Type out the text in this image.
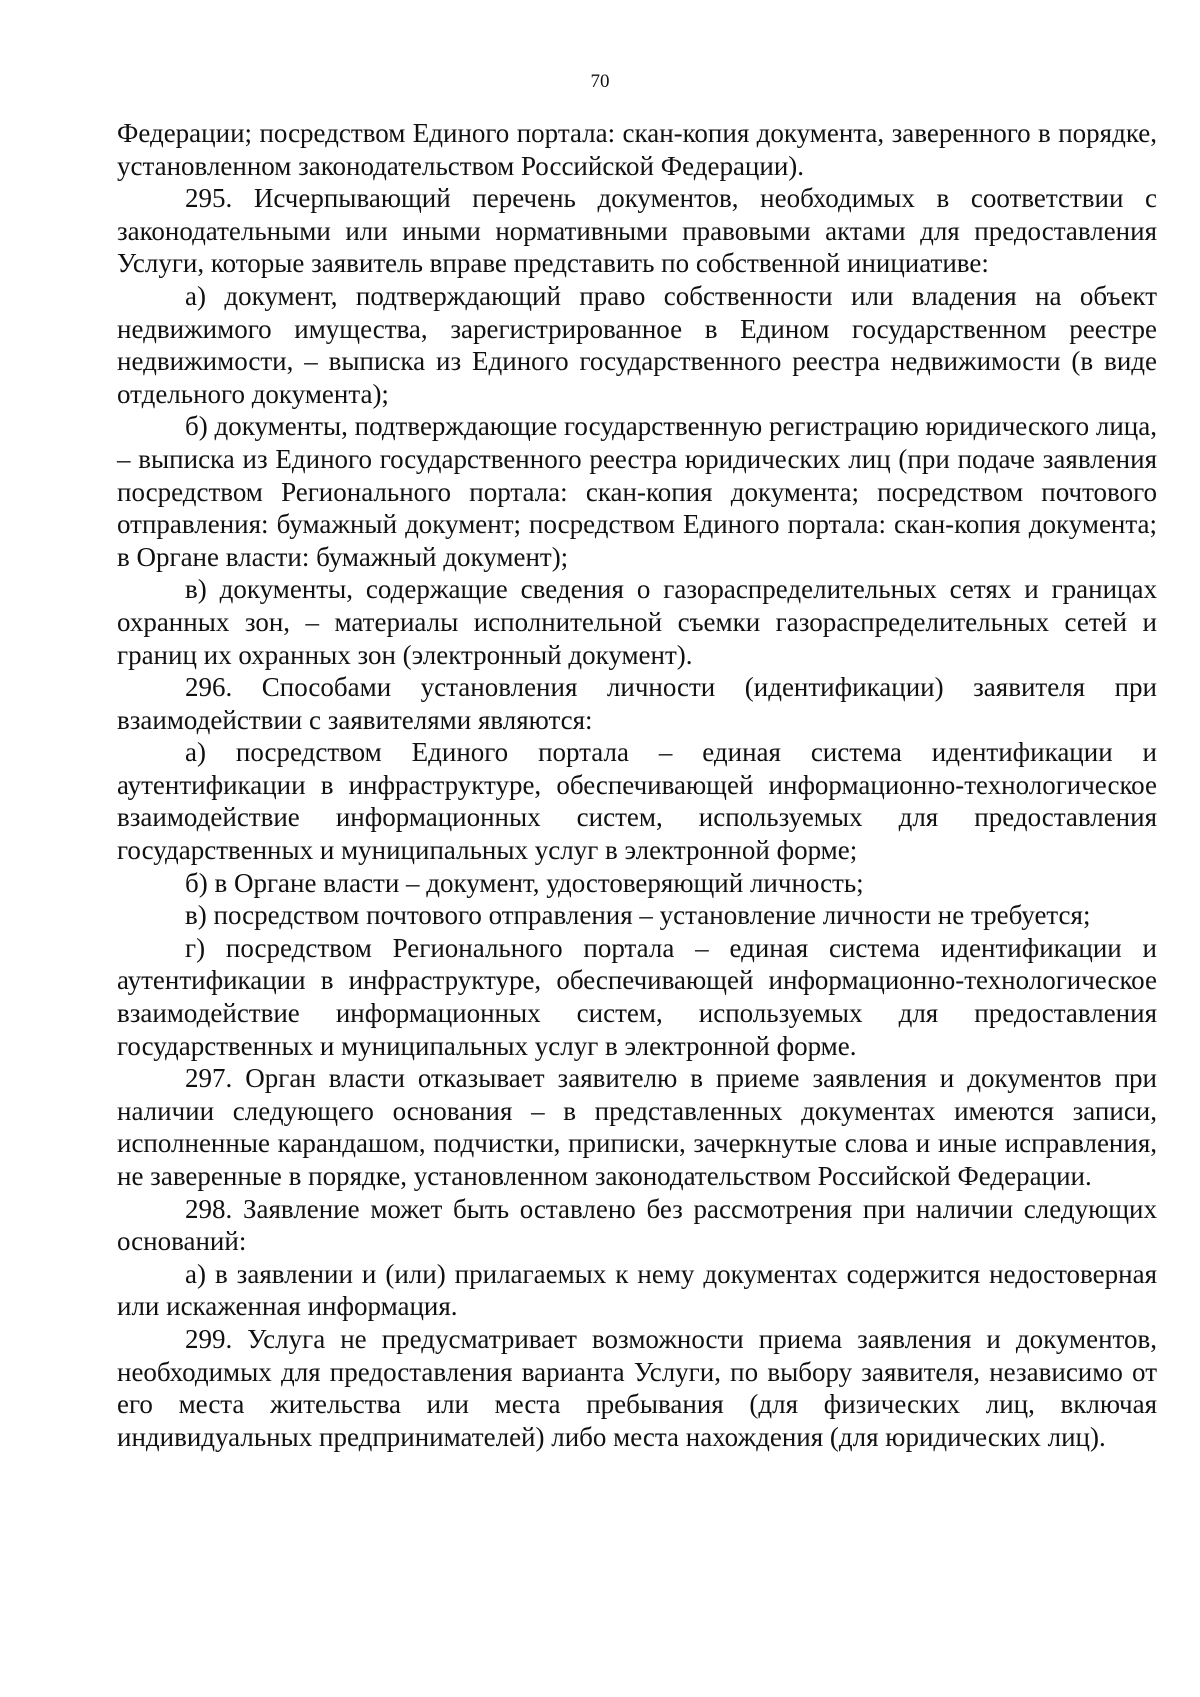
70

Федерации; посредством Единого портала: скан-копия документа, заверенного в порядке, установленном законодательством Российской Федерации).

295. Исчерпывающий перечень документов, необходимых в соответствии с законодательными или иными нормативными правовыми актами для предоставления Услуги, которые заявитель вправе представить по собственной инициативе:

а) документ, подтверждающий право собственности или владения на объект недвижимого имущества, зарегистрированное в Едином государственном реестре недвижимости, – выписка из Единого государственного реестра недвижимости (в виде отдельного документа);

б) документы, подтверждающие государственную регистрацию юридического лица, – выписка из Единого государственного реестра юридических лиц (при подаче заявления посредством Регионального портала: скан-копия документа; посредством почтового отправления: бумажный документ; посредством Единого портала: скан-копия документа; в Органе власти: бумажный документ);

в) документы, содержащие сведения о газораспределительных сетях и границах охранных зон, – материалы исполнительной съемки газораспределительных сетей и границ их охранных зон (электронный документ).

296. Способами установления личности (идентификации) заявителя при взаимодействии с заявителями являются:

а) посредством Единого портала – единая система идентификации и аутентификации в инфраструктуре, обеспечивающей информационно-технологическое взаимодействие информационных систем, используемых для предоставления государственных и муниципальных услуг в электронной форме;

б) в Органе власти – документ, удостоверяющий личность;

в) посредством почтового отправления – установление личности не требуется;

г) посредством Регионального портала – единая система идентификации и аутентификации в инфраструктуре, обеспечивающей информационно-технологическое взаимодействие информационных систем, используемых для предоставления государственных и муниципальных услуг в электронной форме.

297. Орган власти отказывает заявителю в приеме заявления и документов при наличии следующего основания – в представленных документах имеются записи, исполненные карандашом, подчистки, приписки, зачеркнутые слова и иные исправления, не заверенные в порядке, установленном законодательством Российской Федерации.

298. Заявление может быть оставлено без рассмотрения при наличии следующих оснований:

а) в заявлении и (или) прилагаемых к нему документах содержится недостоверная или искаженная информация.

299. Услуга не предусматривает возможности приема заявления и документов, необходимых для предоставления варианта Услуги, по выбору заявителя, независимо от его места жительства или места пребывания (для физических лиц, включая индивидуальных предпринимателей) либо места нахождения (для юридических лиц).
